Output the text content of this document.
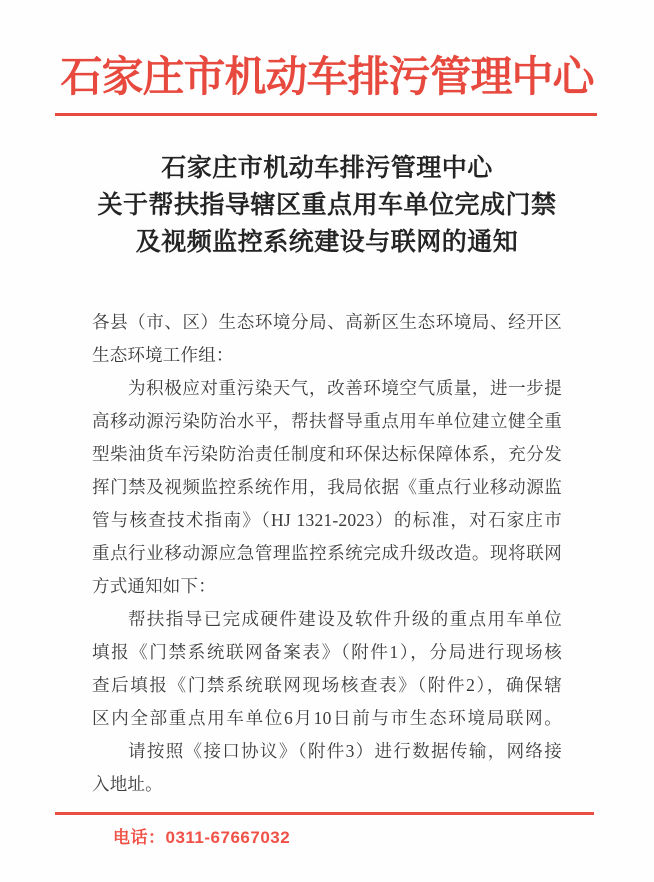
石家庄市机动车排污管理中心
石家庄市机动车排污管理中心
关于帮扶指导辖区重点用车单位完成门禁
及视频监控系统建设与联网的通知
各县（市、区）生态环境分局、高新区生态环境局、经开区
生态环境工作组：
为积极应对重污染天气，改善环境空气质量，进一步提
高移动源污染防治水平，帮扶督导重点用车单位建立健全重
型柴油货车污染防治责任制度和环保达标保障体系，充分发
挥门禁及视频监控系统作用，我局依据《重点行业移动源监
管与核查技术指南》（HJ 1321-2023）的标准，对石家庄市
重点行业移动源应急管理监控系统完成升级改造。现将联网
方式通知如下：
帮扶指导已完成硬件建设及软件升级的重点用车单位
填报《门禁系统联网备案表》（附件1），分局进行现场核
查后填报《门禁系统联网现场核查表》（附件2），确保辖
区内全部重点用车单位6月10日前与市生态环境局联网。
请按照《接口协议》（附件3）进行数据传输，网络接
入地址。
电话：0311-67667032
